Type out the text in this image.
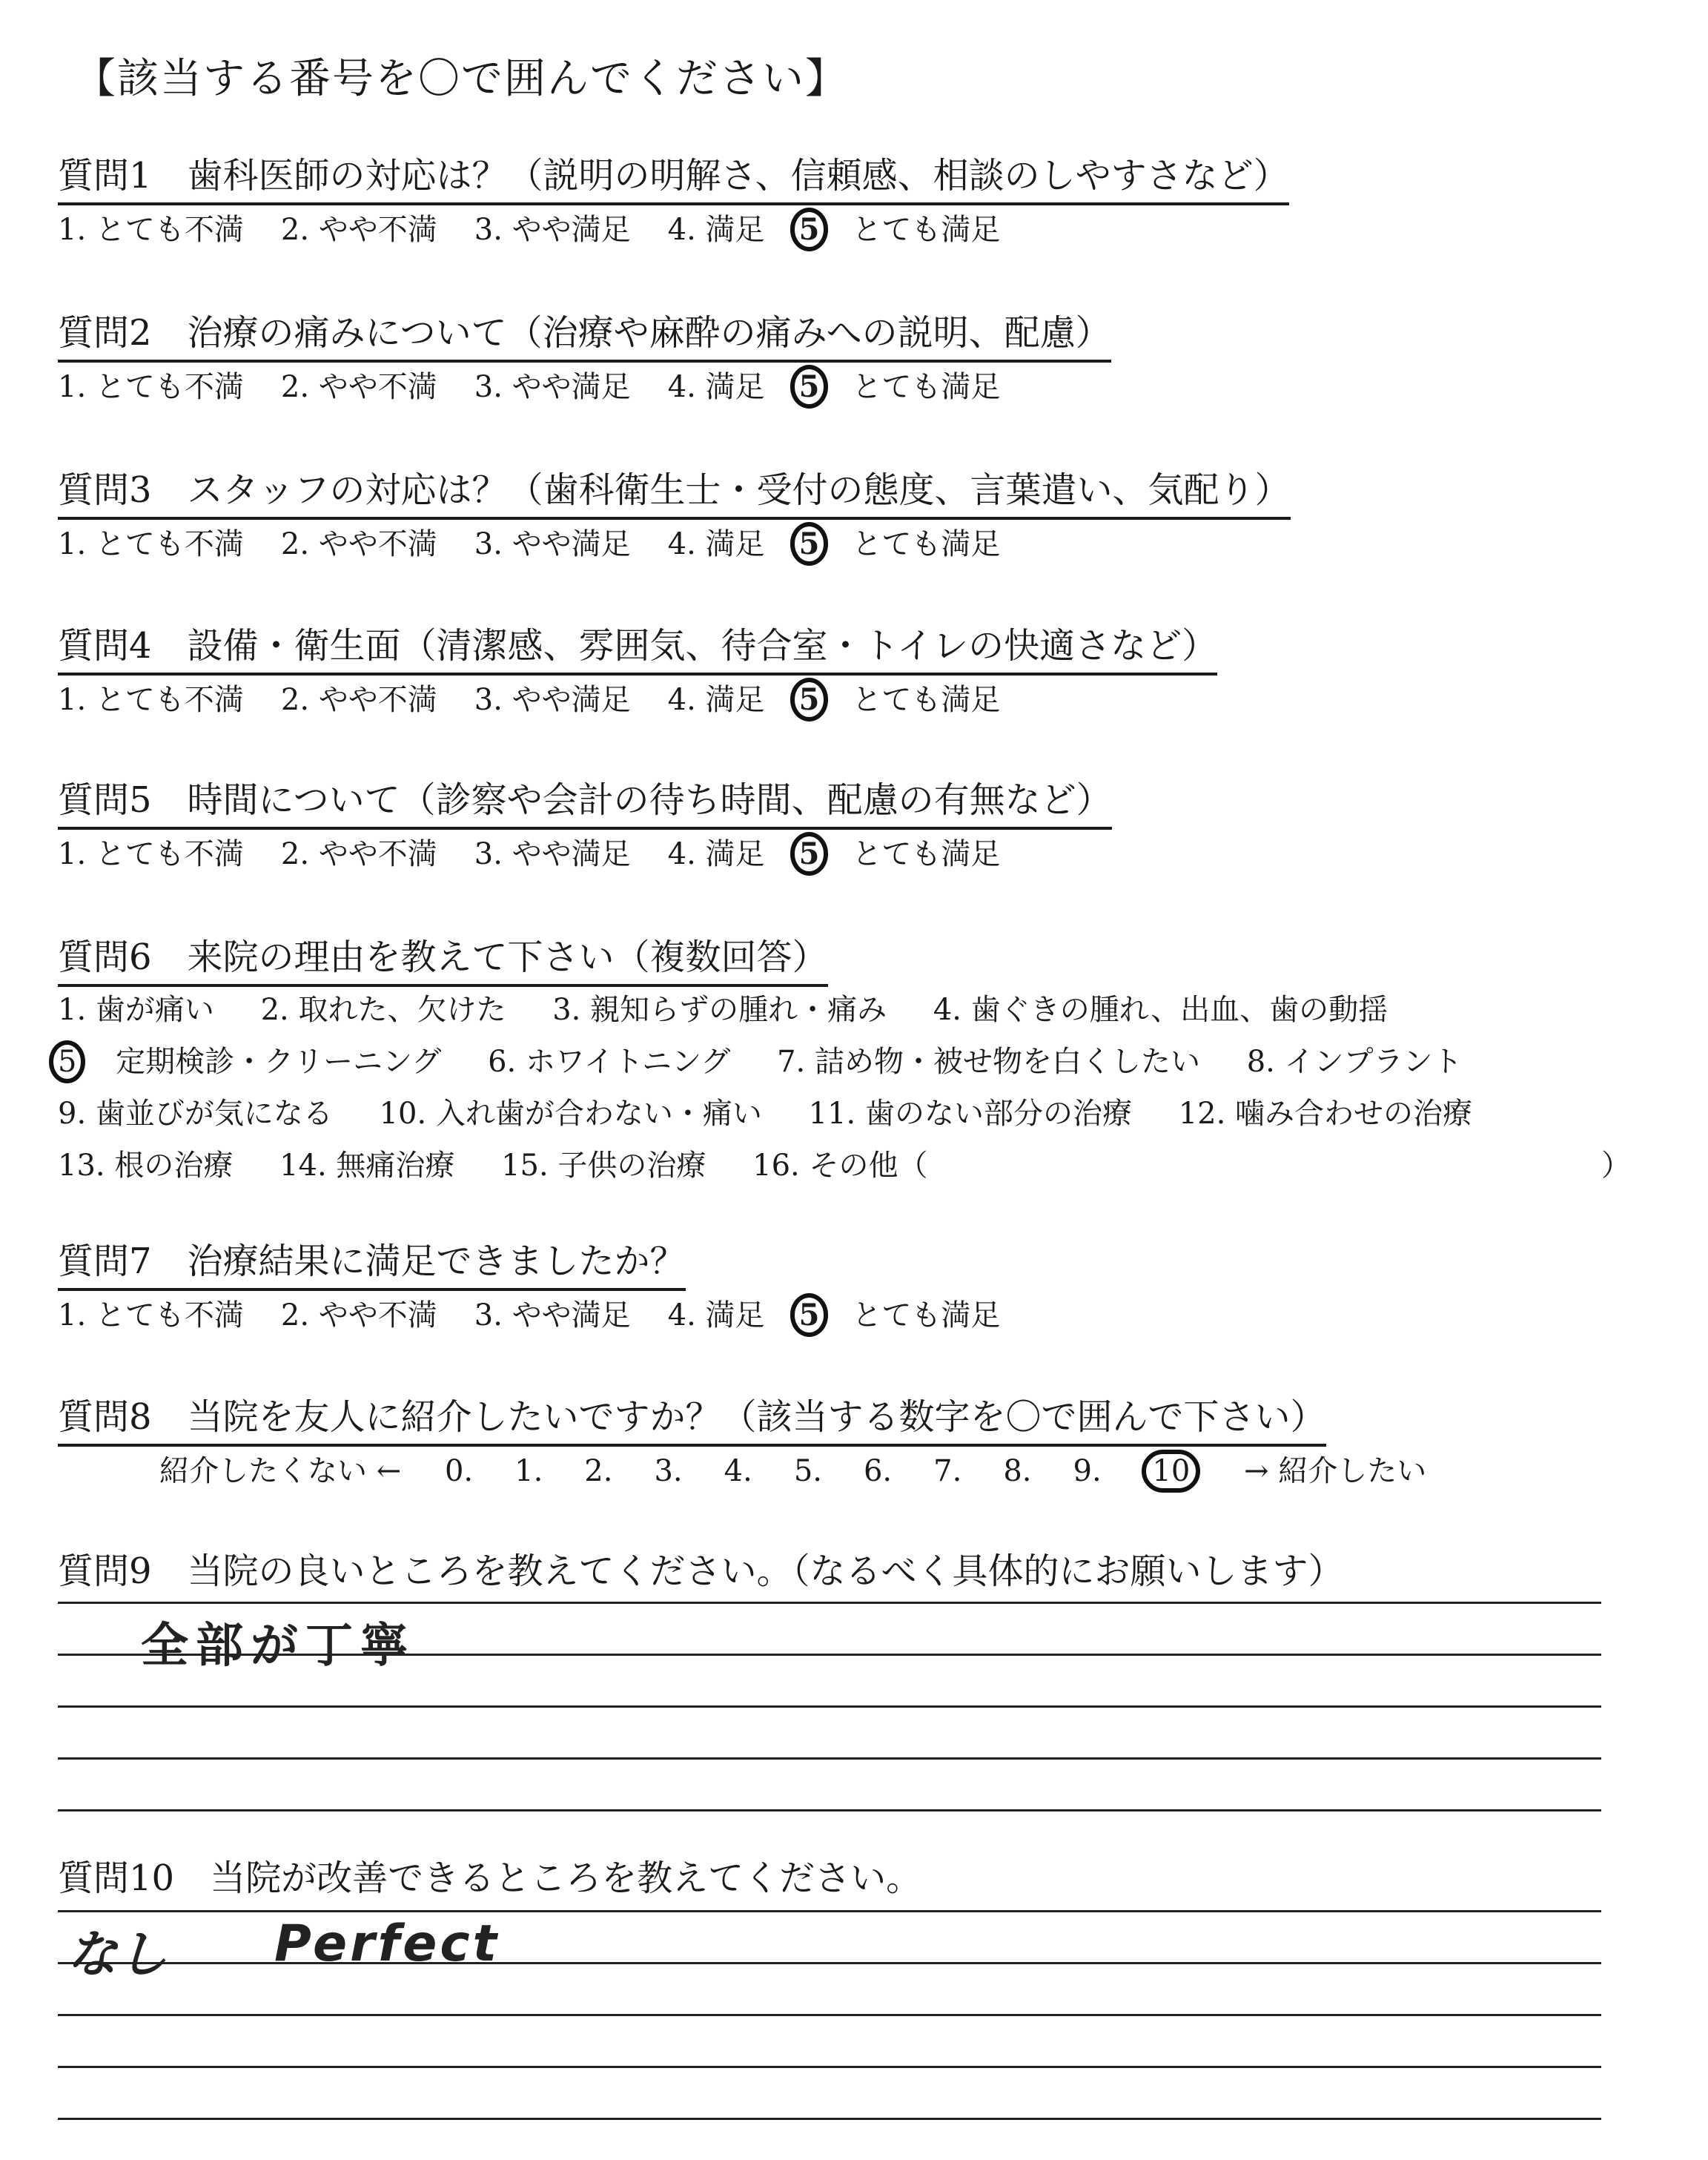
【該当する番号を〇で囲んでください】
質問1　歯科医師の対応は？（説明の明解さ、信頼感、相談のしやすさなど）
1. とても不満 2. やや不満 3. やや満足 4. 満足 5 とても満足
質問2　治療の痛みについて（治療や麻酔の痛みへの説明、配慮）
1. とても不満 2. やや不満 3. やや満足 4. 満足 5 とても満足
質問3　スタッフの対応は？（歯科衛生士・受付の態度、言葉遣い、気配り）
1. とても不満 2. やや不満 3. やや満足 4. 満足 5 とても満足
質問4　設備・衛生面（清潔感、雰囲気、待合室・トイレの快適さなど）
1. とても不満 2. やや不満 3. やや満足 4. 満足 5 とても満足
質問5　時間について（診察や会計の待ち時間、配慮の有無など）
1. とても不満 2. やや不満 3. やや満足 4. 満足 5 とても満足
質問6　来院の理由を教えて下さい（複数回答）
1. 歯が痛い 2. 取れた、欠けた 3. 親知らずの腫れ・痛み 4. 歯ぐきの腫れ、出血、歯の動揺
5 定期検診・クリーニング 6. ホワイトニング 7. 詰め物・被せ物を白くしたい 8. インプラント
9. 歯並びが気になる 10. 入れ歯が合わない・痛い 11. 歯のない部分の治療 12. 噛み合わせの治療
13. 根の治療 14. 無痛治療 15. 子供の治療 16. その他（	）
質問7　治療結果に満足できましたか？
1. とても不満 2. やや不満 3. やや満足 4. 満足 5 とても満足
質問8　当院を友人に紹介したいですか？（該当する数字を〇で囲んで下さい）
紹介したくない ← 0. 1. 2. 3. 4. 5. 6. 7. 8. 9. 10 → 紹介したい
質問9　当院の良いところを教えてください。（なるべく具体的にお願いします）
全部が丁寧
質問10　当院が改善できるところを教えてください。
なし Perfect
